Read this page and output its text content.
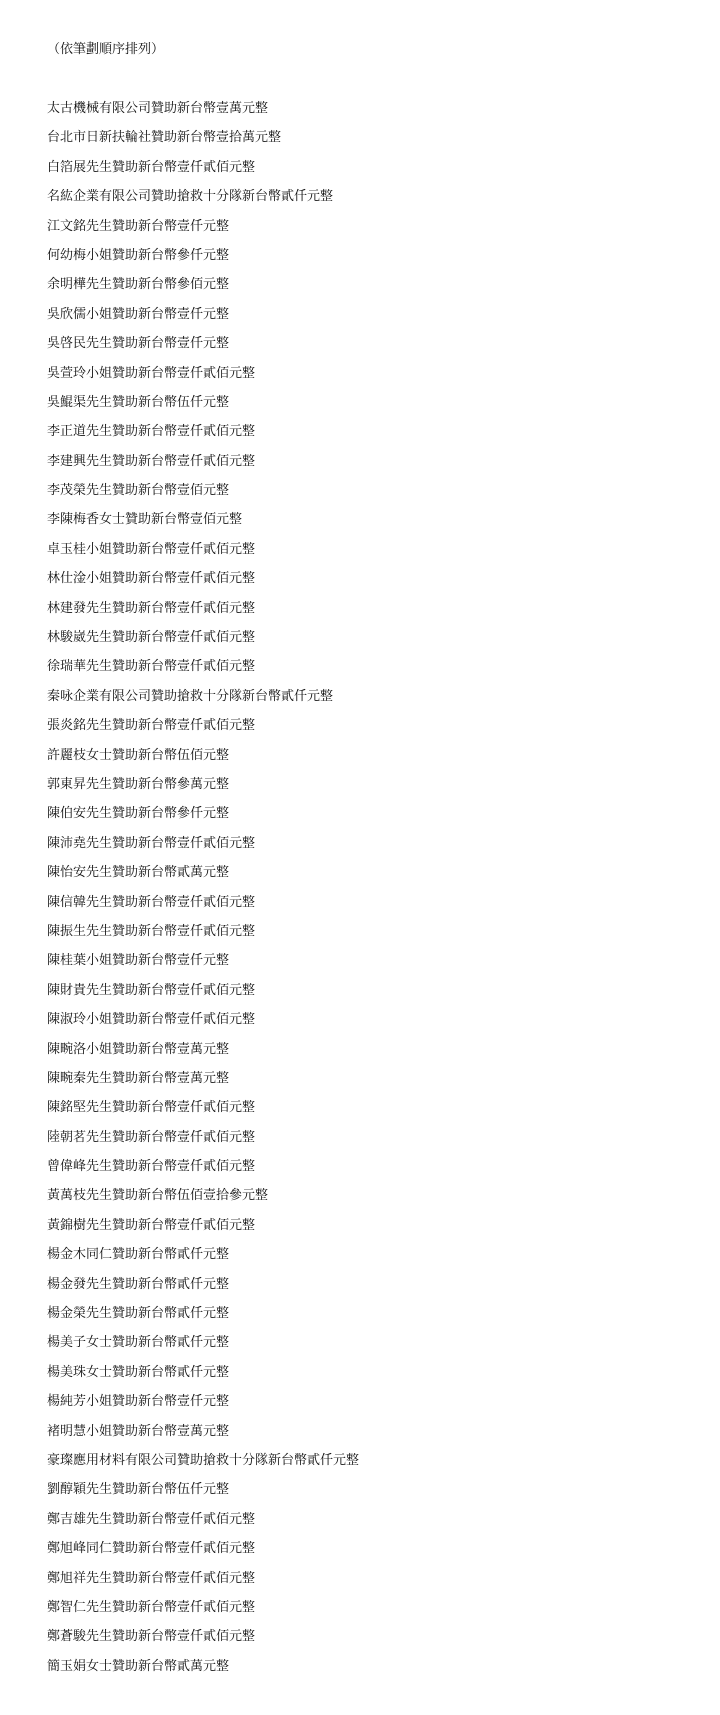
（依筆劃順序排列）

太古機械有限公司贊助新台幣壹萬元整
台北市日新扶輪社贊助新台幣壹拾萬元整
白箔展先生贊助新台幣壹仟貳佰元整
名紘企業有限公司贊助搶救十分隊新台幣貳仟元整
江文銘先生贊助新台幣壹仟元整
何幼梅小姐贊助新台幣參仟元整
余明樺先生贊助新台幣參佰元整
吳欣儒小姐贊助新台幣壹仟元整
吳啓民先生贊助新台幣壹仟元整
吳萱玲小姐贊助新台幣壹仟貳佰元整
吳鯤渠先生贊助新台幣伍仟元整
李正道先生贊助新台幣壹仟貳佰元整
李建興先生贊助新台幣壹仟貳佰元整
李茂榮先生贊助新台幣壹佰元整
李陳梅香女士贊助新台幣壹佰元整
卓玉桂小姐贊助新台幣壹仟貳佰元整
林仕淦小姐贊助新台幣壹仟貳佰元整
林建發先生贊助新台幣壹仟貳佰元整
林駿崴先生贊助新台幣壹仟貳佰元整
徐瑞華先生贊助新台幣壹仟貳佰元整
秦咏企業有限公司贊助搶救十分隊新台幣貳仟元整
張炎銘先生贊助新台幣壹仟貳佰元整
許麗枝女士贊助新台幣伍佰元整
郭東昇先生贊助新台幣參萬元整
陳伯安先生贊助新台幣參仟元整
陳沛堯先生贊助新台幣壹仟貳佰元整
陳怡安先生贊助新台幣貳萬元整
陳信韓先生贊助新台幣壹仟貳佰元整
陳振生先生贊助新台幣壹仟貳佰元整
陳桂葉小姐贊助新台幣壹仟元整
陳財貴先生贊助新台幣壹仟貳佰元整
陳淑玲小姐贊助新台幣壹仟貳佰元整
陳畹洛小姐贊助新台幣壹萬元整
陳畹秦先生贊助新台幣壹萬元整
陳銘堅先生贊助新台幣壹仟貳佰元整
陸朝茗先生贊助新台幣壹仟貳佰元整
曾偉峰先生贊助新台幣壹仟貳佰元整
黃萬枝先生贊助新台幣伍佰壹拾參元整
黃錦樹先生贊助新台幣壹仟貳佰元整
楊金木同仁贊助新台幣貳仟元整
楊金發先生贊助新台幣貳仟元整
楊金榮先生贊助新台幣貳仟元整
楊美子女士贊助新台幣貳仟元整
楊美珠女士贊助新台幣貳仟元整
楊純芳小姐贊助新台幣壹仟元整
褚明慧小姐贊助新台幣壹萬元整
豪璨應用材料有限公司贊助搶救十分隊新台幣貳仟元整
劉醇穎先生贊助新台幣伍仟元整
鄭吉雄先生贊助新台幣壹仟貳佰元整
鄭旭峰同仁贊助新台幣壹仟貳佰元整
鄭旭祥先生贊助新台幣壹仟貳佰元整
鄭智仁先生贊助新台幣壹仟貳佰元整
鄭蒼駿先生贊助新台幣壹仟貳佰元整
簡玉娟女士贊助新台幣貳萬元整
